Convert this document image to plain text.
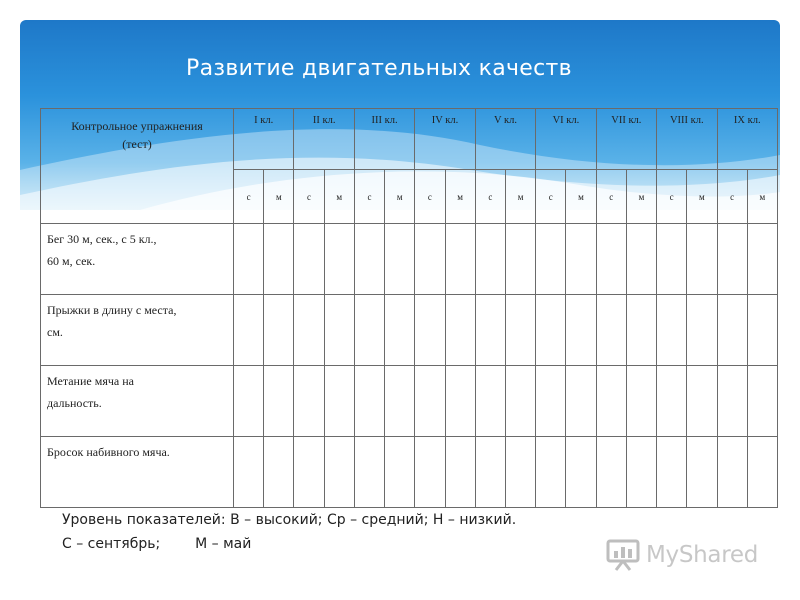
Развитие двигательных качеств
Контрольное упражнения
(тест)	I кл.		II кл.		III кл.		IV кл.		V кл.		VI кл.		VII кл.		VIII кл.		IX кл.	
	с	м	с	м	с	м	с	м	с	м	с	м	с	м	с	м	с	м

Бег 30 м, сек., с 5 кл.,
60 м, сек.																		

Прыжки в длину с места,
см.																		

Метание мяча на
дальность.																		

Бросок набивного мяча.																		

Уровень показателей: В – высокий; Ср – средний; Н – низкий.
С – сентябрь; М – май	MyShared
